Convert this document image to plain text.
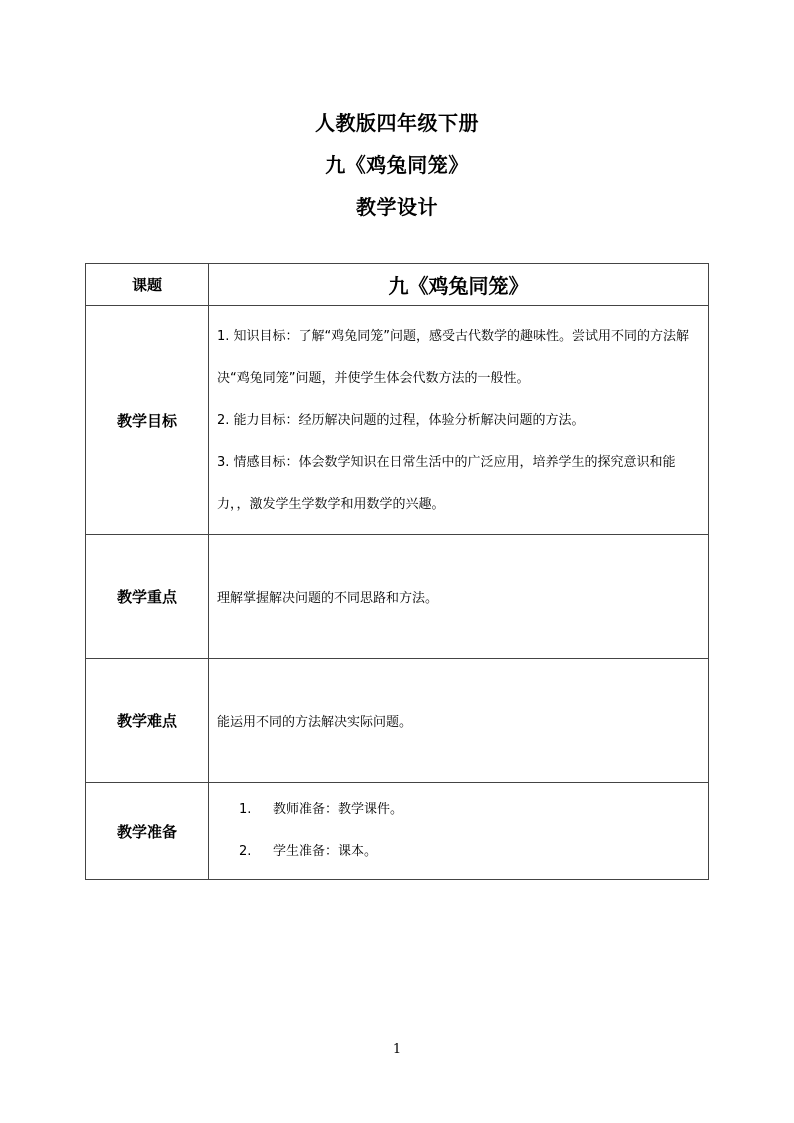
人教版四年级下册
九《鸡兔同笼》
教学设计
课题	九《鸡兔同笼》
教学目标	1. 知识目标：了解“鸡兔同笼”问题，感受古代数学的趣味性。尝试用不同的方法解决“鸡兔同笼”问题，并使学生体会代数方法的一般性。

2. 能力目标：经历解决问题的过程，体验分析解决问题的方法。

3. 情感目标：体会数学知识在日常生活中的广泛应用，培养学生的探究意识和能力，，激发学生学数学和用数学的兴趣。

教学重点	理解掌握解决问题的不同思路和方法。

教学难点	能运用不同的方法解决实际问题。

教学准备	1. 教师准备：教学课件。
2. 学生准备：课本。
1
